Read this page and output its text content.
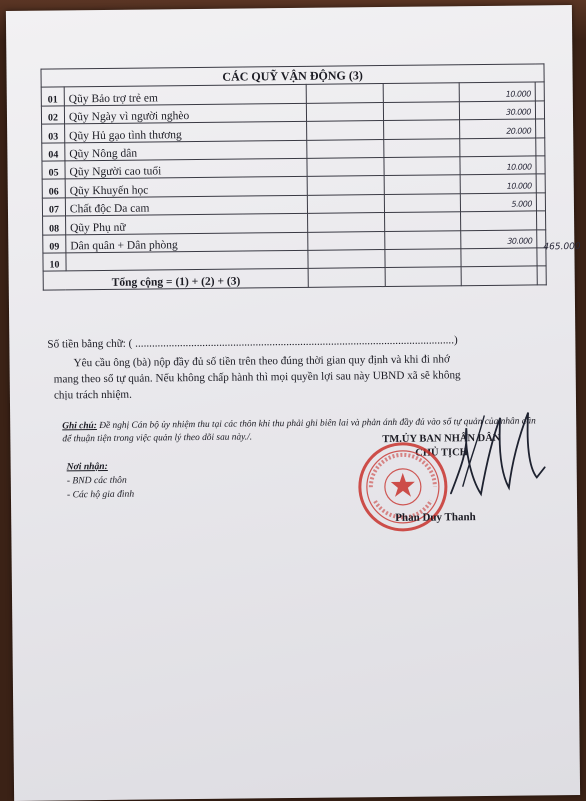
CÁC QUỸ VẬN ĐỘNG (3)					
01	Qũy Bảo trợ trẻ em			10.000	

02	Qũy Ngày vì người nghèo			30.000	

03	Qũy Hủ gạo tình thương			20.000	

04	Qũy Nông dân			

05	Qũy Người cao tuổi			10.000	

06	Qũy Khuyến học			10.000	

07	Chất độc Da cam			5.000	

08	Qũy Phụ nữ			

09	Dân quân + Dân phòng			30.000	

10					465.000

Tổng cộng = (1) + (2) + (3)					
Số tiền bằng chữ: ( ..................................................................................................................)
Yêu cầu ông (bà) nộp đầy đủ số tiền trên theo đúng thời gian quy định và khi đi nhớ
mang theo sổ tự quản. Nếu không chấp hành thì mọi quyền lợi sau này UBND xã sẽ không
chịu trách nhiệm.
Ghi chú: Đề nghị Cán bộ ủy nhiệm thu tại các thôn khi thu phải ghi biên lai và phản ánh đầy đủ vào sổ tự quản của nhân dân để thuận tiện trong việc quản lý theo dõi sau này./.
Nơi nhận:
- BND các thôn
- Các hộ gia đình
TM.ỦY BAN NHÂN DÂN
CHỦ TỊCH
Phan Duy Thanh
